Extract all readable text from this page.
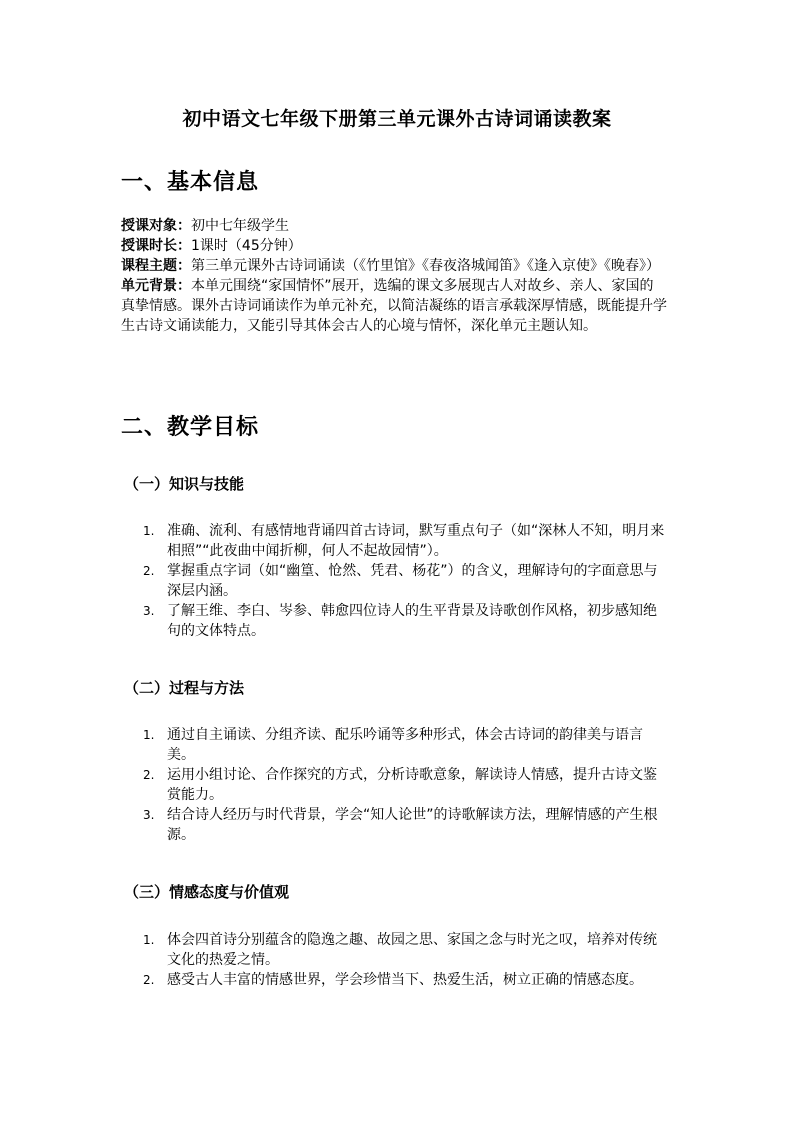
初中语文七年级下册第三单元课外古诗词诵读教案
一、基本信息

授课对象：初中七年级学生

授课时长：1课时（45分钟）

课程主题：第三单元课外古诗词诵读（《竹里馆》《春夜洛城闻笛》《逢入京使》《晚春》）

单元背景：本单元围绕“家国情怀”展开，选编的课文多展现古人对故乡、亲人、家国的真挚情感。课外古诗词诵读作为单元补充，以简洁凝练的语言承载深厚情感，既能提升学生古诗文诵读能力，又能引导其体会古人的心境与情怀，深化单元主题认知。

二、教学目标
（一）知识与技能
1. 准确、流利、有感情地背诵四首古诗词，默写重点句子（如“深林人不知，明月来相照”“此夜曲中闻折柳，何人不起故园情”）。
2. 掌握重点字词（如“幽篁、怆然、凭君、杨花”）的含义，理解诗句的字面意思与深层内涵。
3. 了解王维、李白、岑参、韩愈四位诗人的生平背景及诗歌创作风格，初步感知绝句的文体特点。
（二）过程与方法
1. 通过自主诵读、分组齐读、配乐吟诵等多种形式，体会古诗词的韵律美与语言美。
2. 运用小组讨论、合作探究的方式，分析诗歌意象，解读诗人情感，提升古诗文鉴赏能力。
3. 结合诗人经历与时代背景，学会“知人论世”的诗歌解读方法，理解情感的产生根源。
（三）情感态度与价值观
1. 体会四首诗分别蕴含的隐逸之趣、故园之思、家国之念与时光之叹，培养对传统文化的热爱之情。
2. 感受古人丰富的情感世界，学会珍惜当下、热爱生活，树立正确的情感态度。
